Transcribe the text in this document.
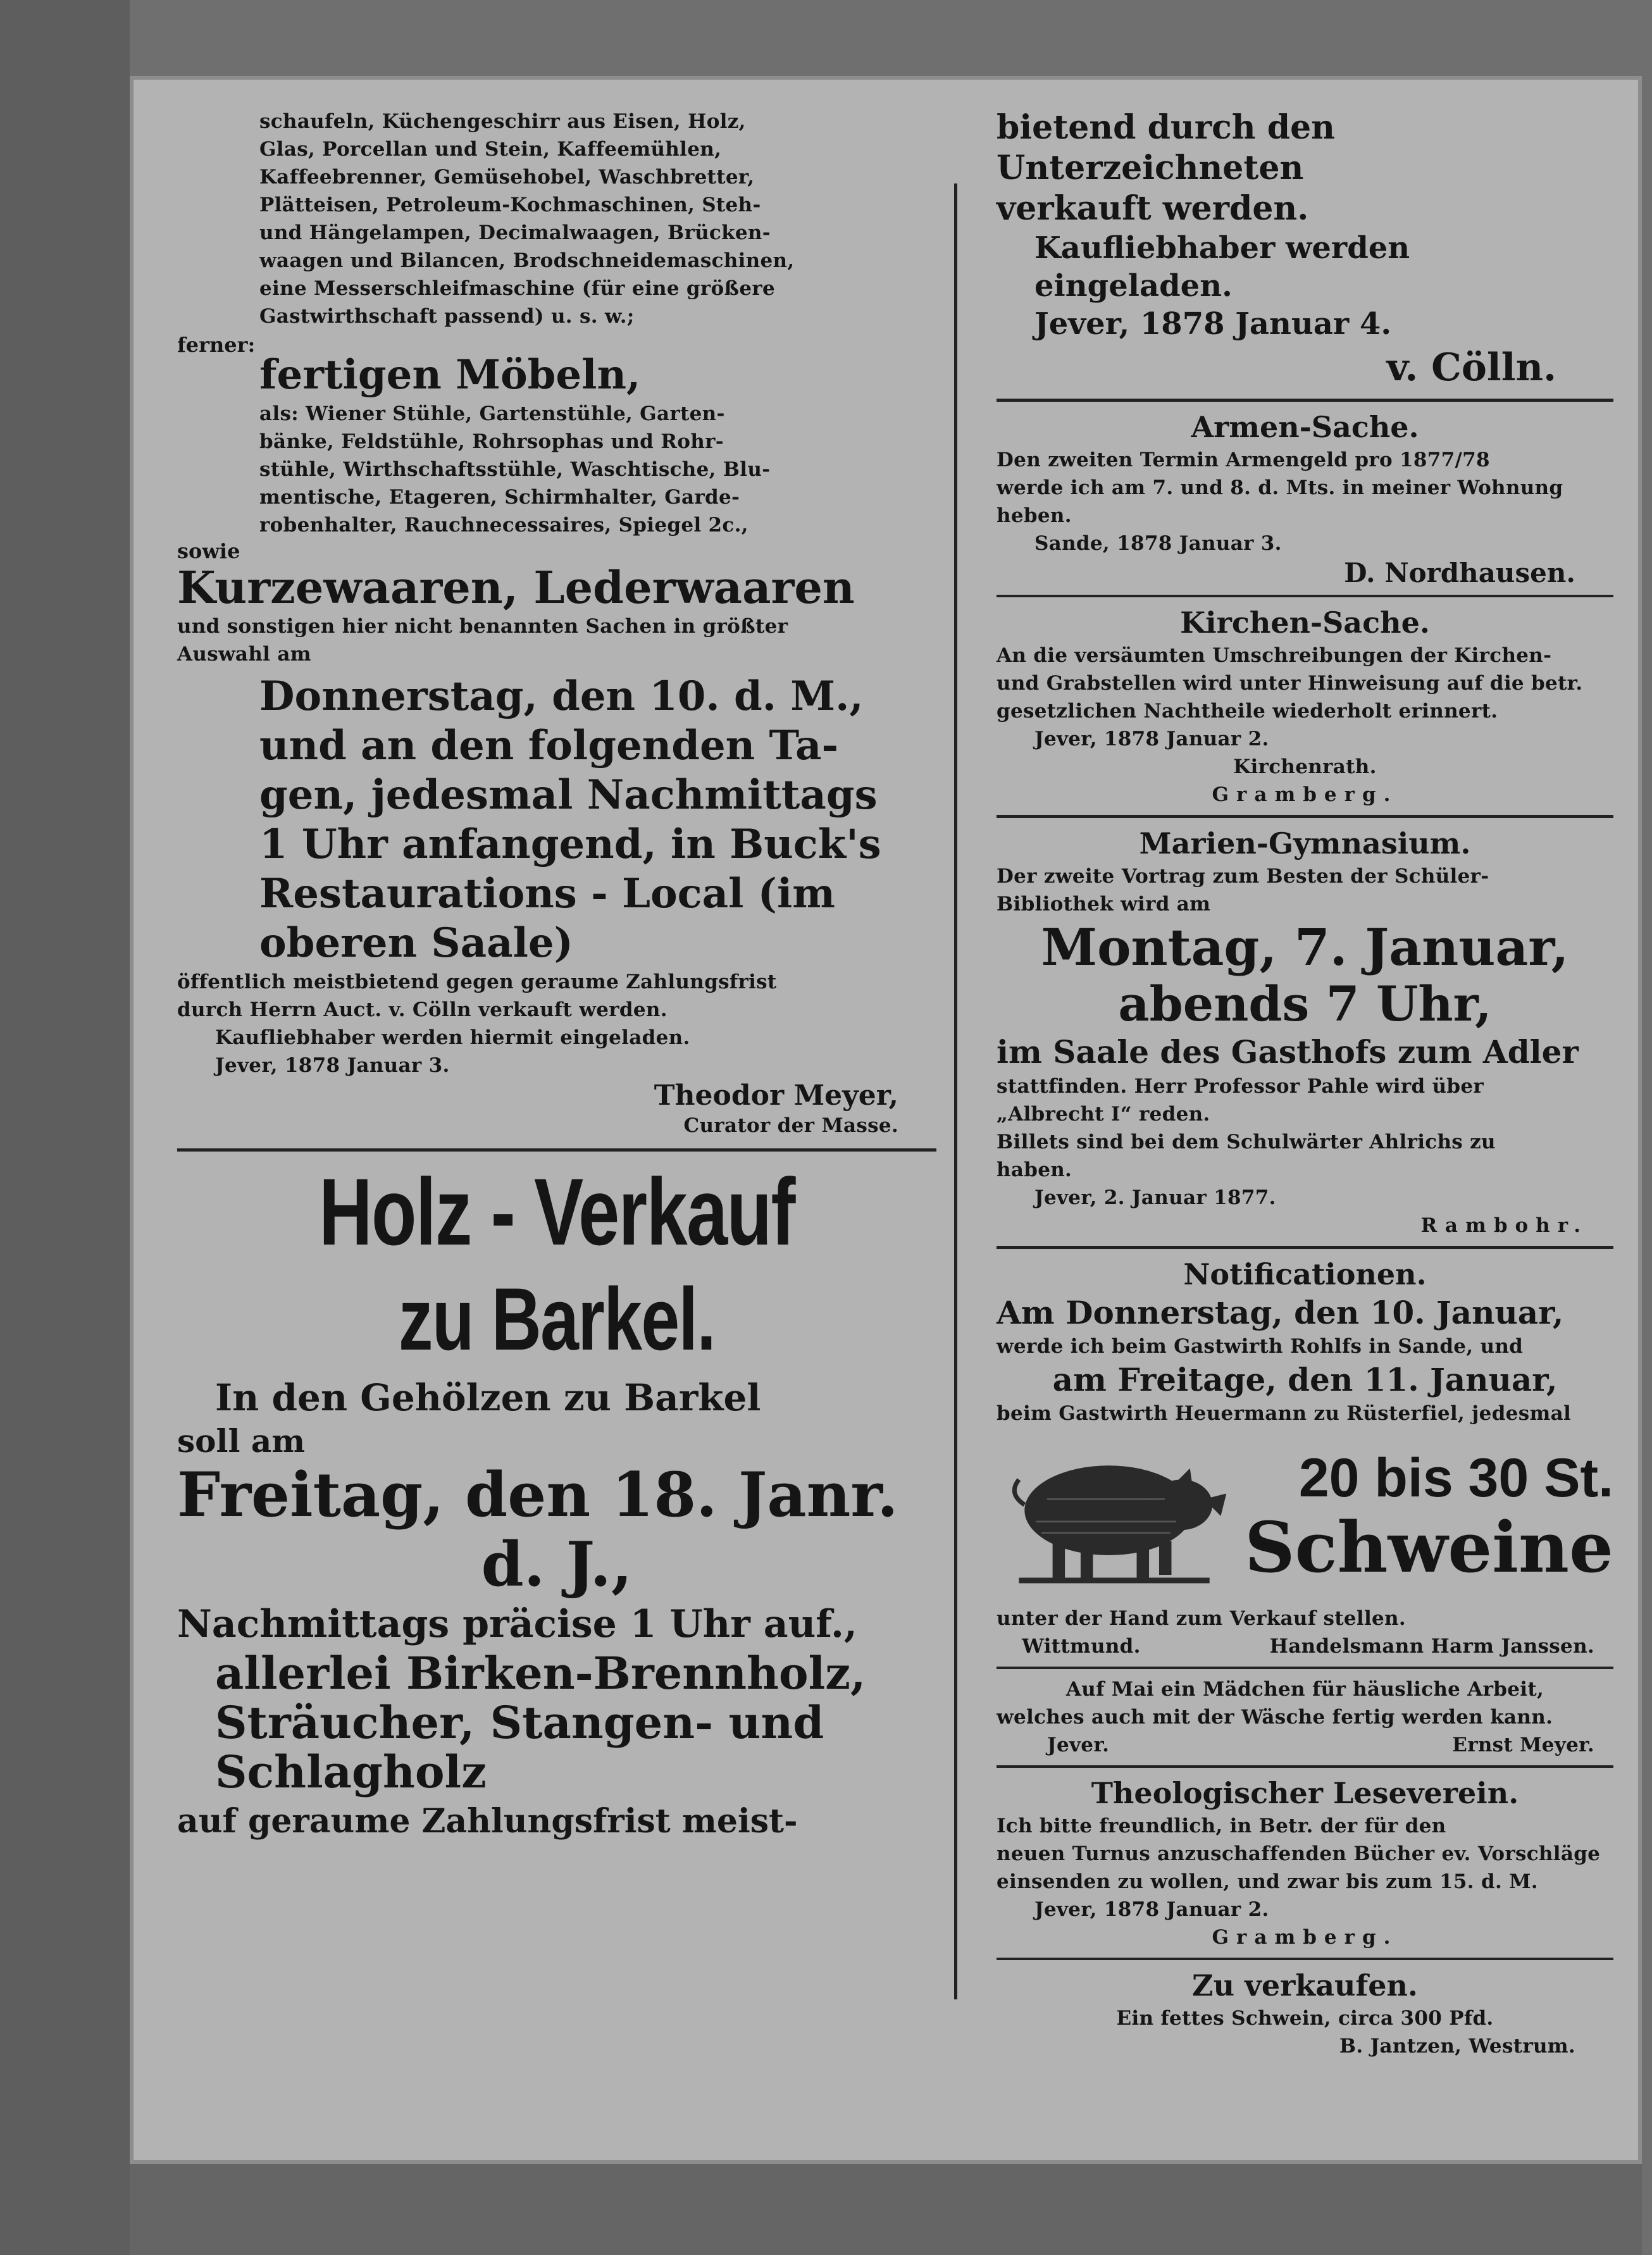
schaufeln, Küchengeschirr aus Eisen, Holz,

Glas, Porcellan und Stein, Kaffeemühlen,

Kaffeebrenner, Gemüsehobel, Waschbretter,

Plätteisen, Petroleum-Kochmaschinen, Steh-

und Hängelampen, Decimalwaagen, Brücken-

waagen und Bilancen, Brodschneidemaschinen,

eine Messerschleifmaschine (für eine größere

Gastwirthschaft passend) u. s. w.;

ferner:

fertigen Möbeln,

als: Wiener Stühle, Gartenstühle, Garten-

bänke, Feldstühle, Rohrsophas und Rohr-

stühle, Wirthschaftsstühle, Waschtische, Blu-

mentische, Etageren, Schirmhalter, Garde-

robenhalter, Rauchnecessaires, Spiegel 2c.,

sowie

Kurzewaaren, Lederwaaren

und sonstigen hier nicht benannten Sachen in größter

Auswahl am

Donnerstag, den 10. d. M.,

und an den folgenden Ta-

gen, jedesmal Nachmittags

1 Uhr anfangend, in Buck's

Restaurations - Local (im

oberen Saale)

öffentlich meistbietend gegen geraume Zahlungsfrist

durch Herrn Auct. v. Cölln verkauft werden.

Kaufliebhaber werden hiermit eingeladen.

Jever, 1878 Januar 3.

Theodor Meyer,

Curator der Masse.

Holz - Verkauf

zu Barkel.

In den Gehölzen zu Barkel

soll am

Freitag, den 18. Janr.

d. J.,

Nachmittags präcise 1 Uhr auf.,

allerlei Birken-Brennholz,

Sträucher, Stangen- und

Schlagholz

auf geraume Zahlungsfrist meist-

bietend durch den Unterzeichneten

verkauft werden.

Kaufliebhaber werden eingeladen.

Jever, 1878 Januar 4.

v. Cölln.

Armen-Sache.

Den zweiten Termin Armengeld pro 1877/78

werde ich am 7. und 8. d. Mts. in meiner Wohnung

heben.

Sande, 1878 Januar 3.

D. Nordhausen.

Kirchen-Sache.

An die versäumten Umschreibungen der Kirchen-

und Grabstellen wird unter Hinweisung auf die betr.

gesetzlichen Nachtheile wiederholt erinnert.

Jever, 1878 Januar 2.

Kirchenrath.

Gramberg.

Marien-Gymnasium.

Der zweite Vortrag zum Besten der Schüler-

Bibliothek wird am

Montag, 7. Januar,

abends 7 Uhr,

im Saale des Gasthofs zum Adler

stattfinden. Herr Professor Pahle wird über

„Albrecht I“ reden.

Billets sind bei dem Schulwärter Ahlrichs zu

haben.

Jever, 2. Januar 1877.

Rambohr.

Notificationen.

Am Donnerstag, den 10. Januar,

werde ich beim Gastwirth Rohlfs in Sande, und

am Freitage, den 11. Januar,

beim Gastwirth Heuermann zu Rüsterfiel, jedesmal

20 bis 30 St.

Schweine

unter der Hand zum Verkauf stellen.

Wittmund.	Handelsmann Harm Janssen.

Auf Mai ein Mädchen für häusliche Arbeit,

welches auch mit der Wäsche fertig werden kann.

Jever.	Ernst Meyer.

Theologischer Leseverein.

Ich bitte freundlich, in Betr. der für den

neuen Turnus anzuschaffenden Bücher ev. Vorschläge

einsenden zu wollen, und zwar bis zum 15. d. M.

Jever, 1878 Januar 2.

Gramberg.

Zu verkaufen.

Ein fettes Schwein, circa 300 Pfd.

B. Jantzen, Westrum.
